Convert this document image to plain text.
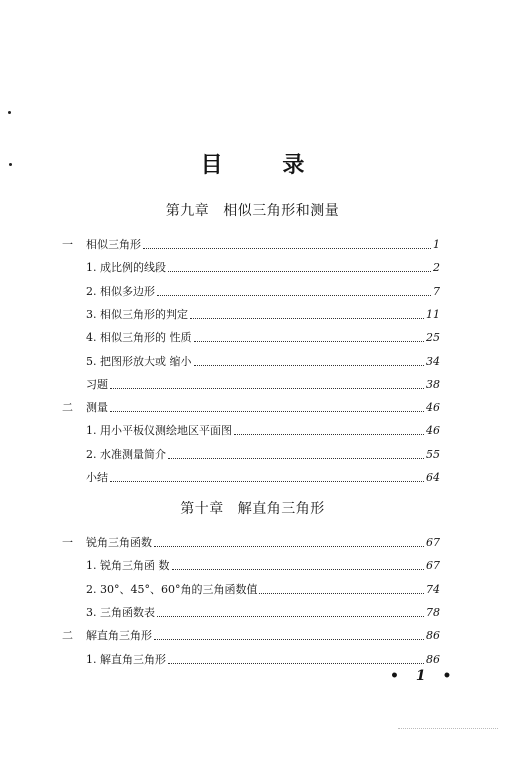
目 录
第九章 相似三角形和测量
第十章 解直角三角形
一	相似三角形	1
1. 成比例的线段	2
2. 相似多边形	7
3. 相似三角形的判定	11
4. 相似三角形的 性质	25
5. 把图形放大或 缩小	34
习题	38
二	测量	46
1. 用小平板仪测绘地区平面图	46
2. 水准测量简介	55
小结	64
一	锐角三角函数	67
1. 锐角三角函 数	67
2. 30°、45°、60°角的三角函数值	74
3. 三角函数表	78
二	解直角三角形	86
1. 解直角三角形	86
• 1 •
